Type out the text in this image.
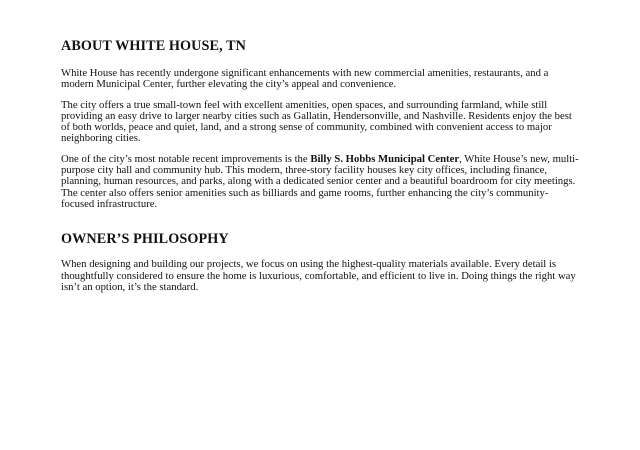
ABOUT WHITE HOUSE, TN

White House has recently undergone significant enhancements with new commercial amenities, restaurants, and a modern Municipal Center, further elevating the city’s appeal and convenience.

The city offers a true small-town feel with excellent amenities, open spaces, and surrounding farmland, while still providing an easy drive to larger nearby cities such as Gallatin, Hendersonville, and Nashville. Residents enjoy the best of both worlds, peace and quiet, land, and a strong sense of community, combined with convenient access to major neighboring cities.

One of the city’s most notable recent improvements is the Billy S. Hobbs Municipal Center, White House’s new, multi-purpose city hall and community hub. This modern, three-story facility houses key city offices, including finance, planning, human resources, and parks, along with a dedicated senior center and a beautiful boardroom for city meetings. The center also offers senior amenities such as billiards and game rooms, further enhancing the city’s community-focused infrastructure.

OWNER’S PHILOSOPHY

When designing and building our projects, we focus on using the highest-quality materials available. Every detail is thoughtfully considered to ensure the home is luxurious, comfortable, and efficient to live in. Doing things the right way isn’t an option, it’s the standard.
